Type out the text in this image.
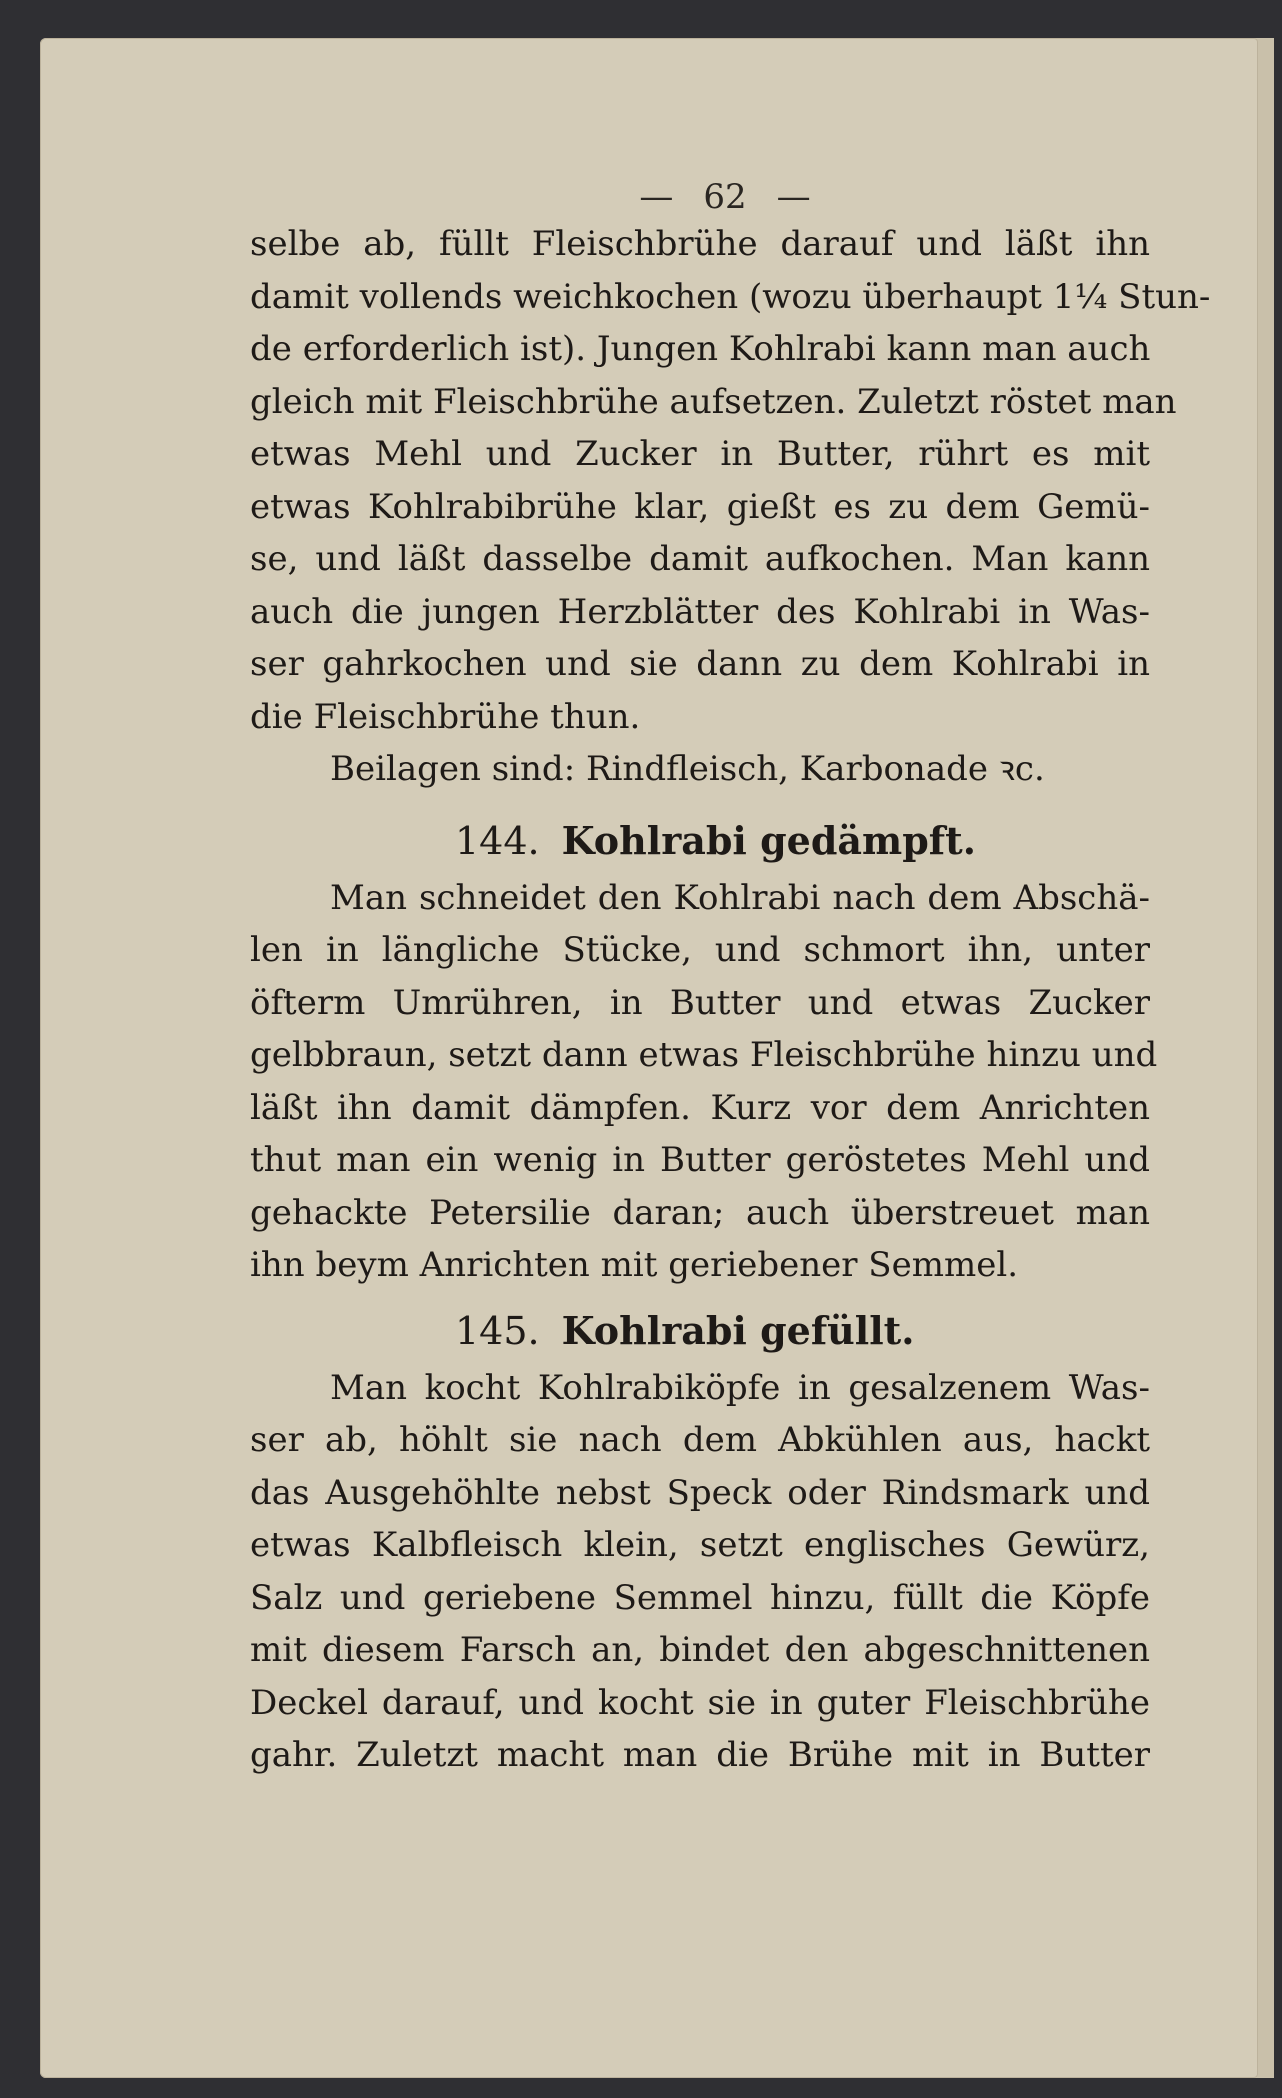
— 62 —
selbe ab, füllt Fleischbrühe darauf und läßt ihn
damit vollends weichkochen (wozu überhaupt 1¼ Stun-
de erforderlich ist). Jungen Kohlrabi kann man auch
gleich mit Fleischbrühe aufsetzen. Zuletzt röstet man
etwas Mehl und Zucker in Butter, rührt es mit
etwas Kohlrabibrühe klar, gießt es zu dem Gemü-
se, und läßt dasselbe damit aufkochen. Man kann
auch die jungen Herzblätter des Kohlrabi in Was-
ser gahrkochen und sie dann zu dem Kohlrabi in
die Fleischbrühe thun.
Beilagen sind: Rindfleisch, Karbonade ꝛc.
144. Kohlrabi gedämpft.
Man schneidet den Kohlrabi nach dem Abschä-
len in längliche Stücke, und schmort ihn, unter
öfterm Umrühren, in Butter und etwas Zucker
gelbbraun, setzt dann etwas Fleischbrühe hinzu und
läßt ihn damit dämpfen. Kurz vor dem Anrichten
thut man ein wenig in Butter geröstetes Mehl und
gehackte Petersilie daran; auch überstreuet man
ihn beym Anrichten mit geriebener Semmel.
145. Kohlrabi gefüllt.
Man kocht Kohlrabiköpfe in gesalzenem Was-
ser ab, höhlt sie nach dem Abkühlen aus, hackt
das Ausgehöhlte nebst Speck oder Rindsmark und
etwas Kalbfleisch klein, setzt englisches Gewürz,
Salz und geriebene Semmel hinzu, füllt die Köpfe
mit diesem Farsch an, bindet den abgeschnittenen
Deckel darauf, und kocht sie in guter Fleischbrühe
gahr. Zuletzt macht man die Brühe mit in Butter
